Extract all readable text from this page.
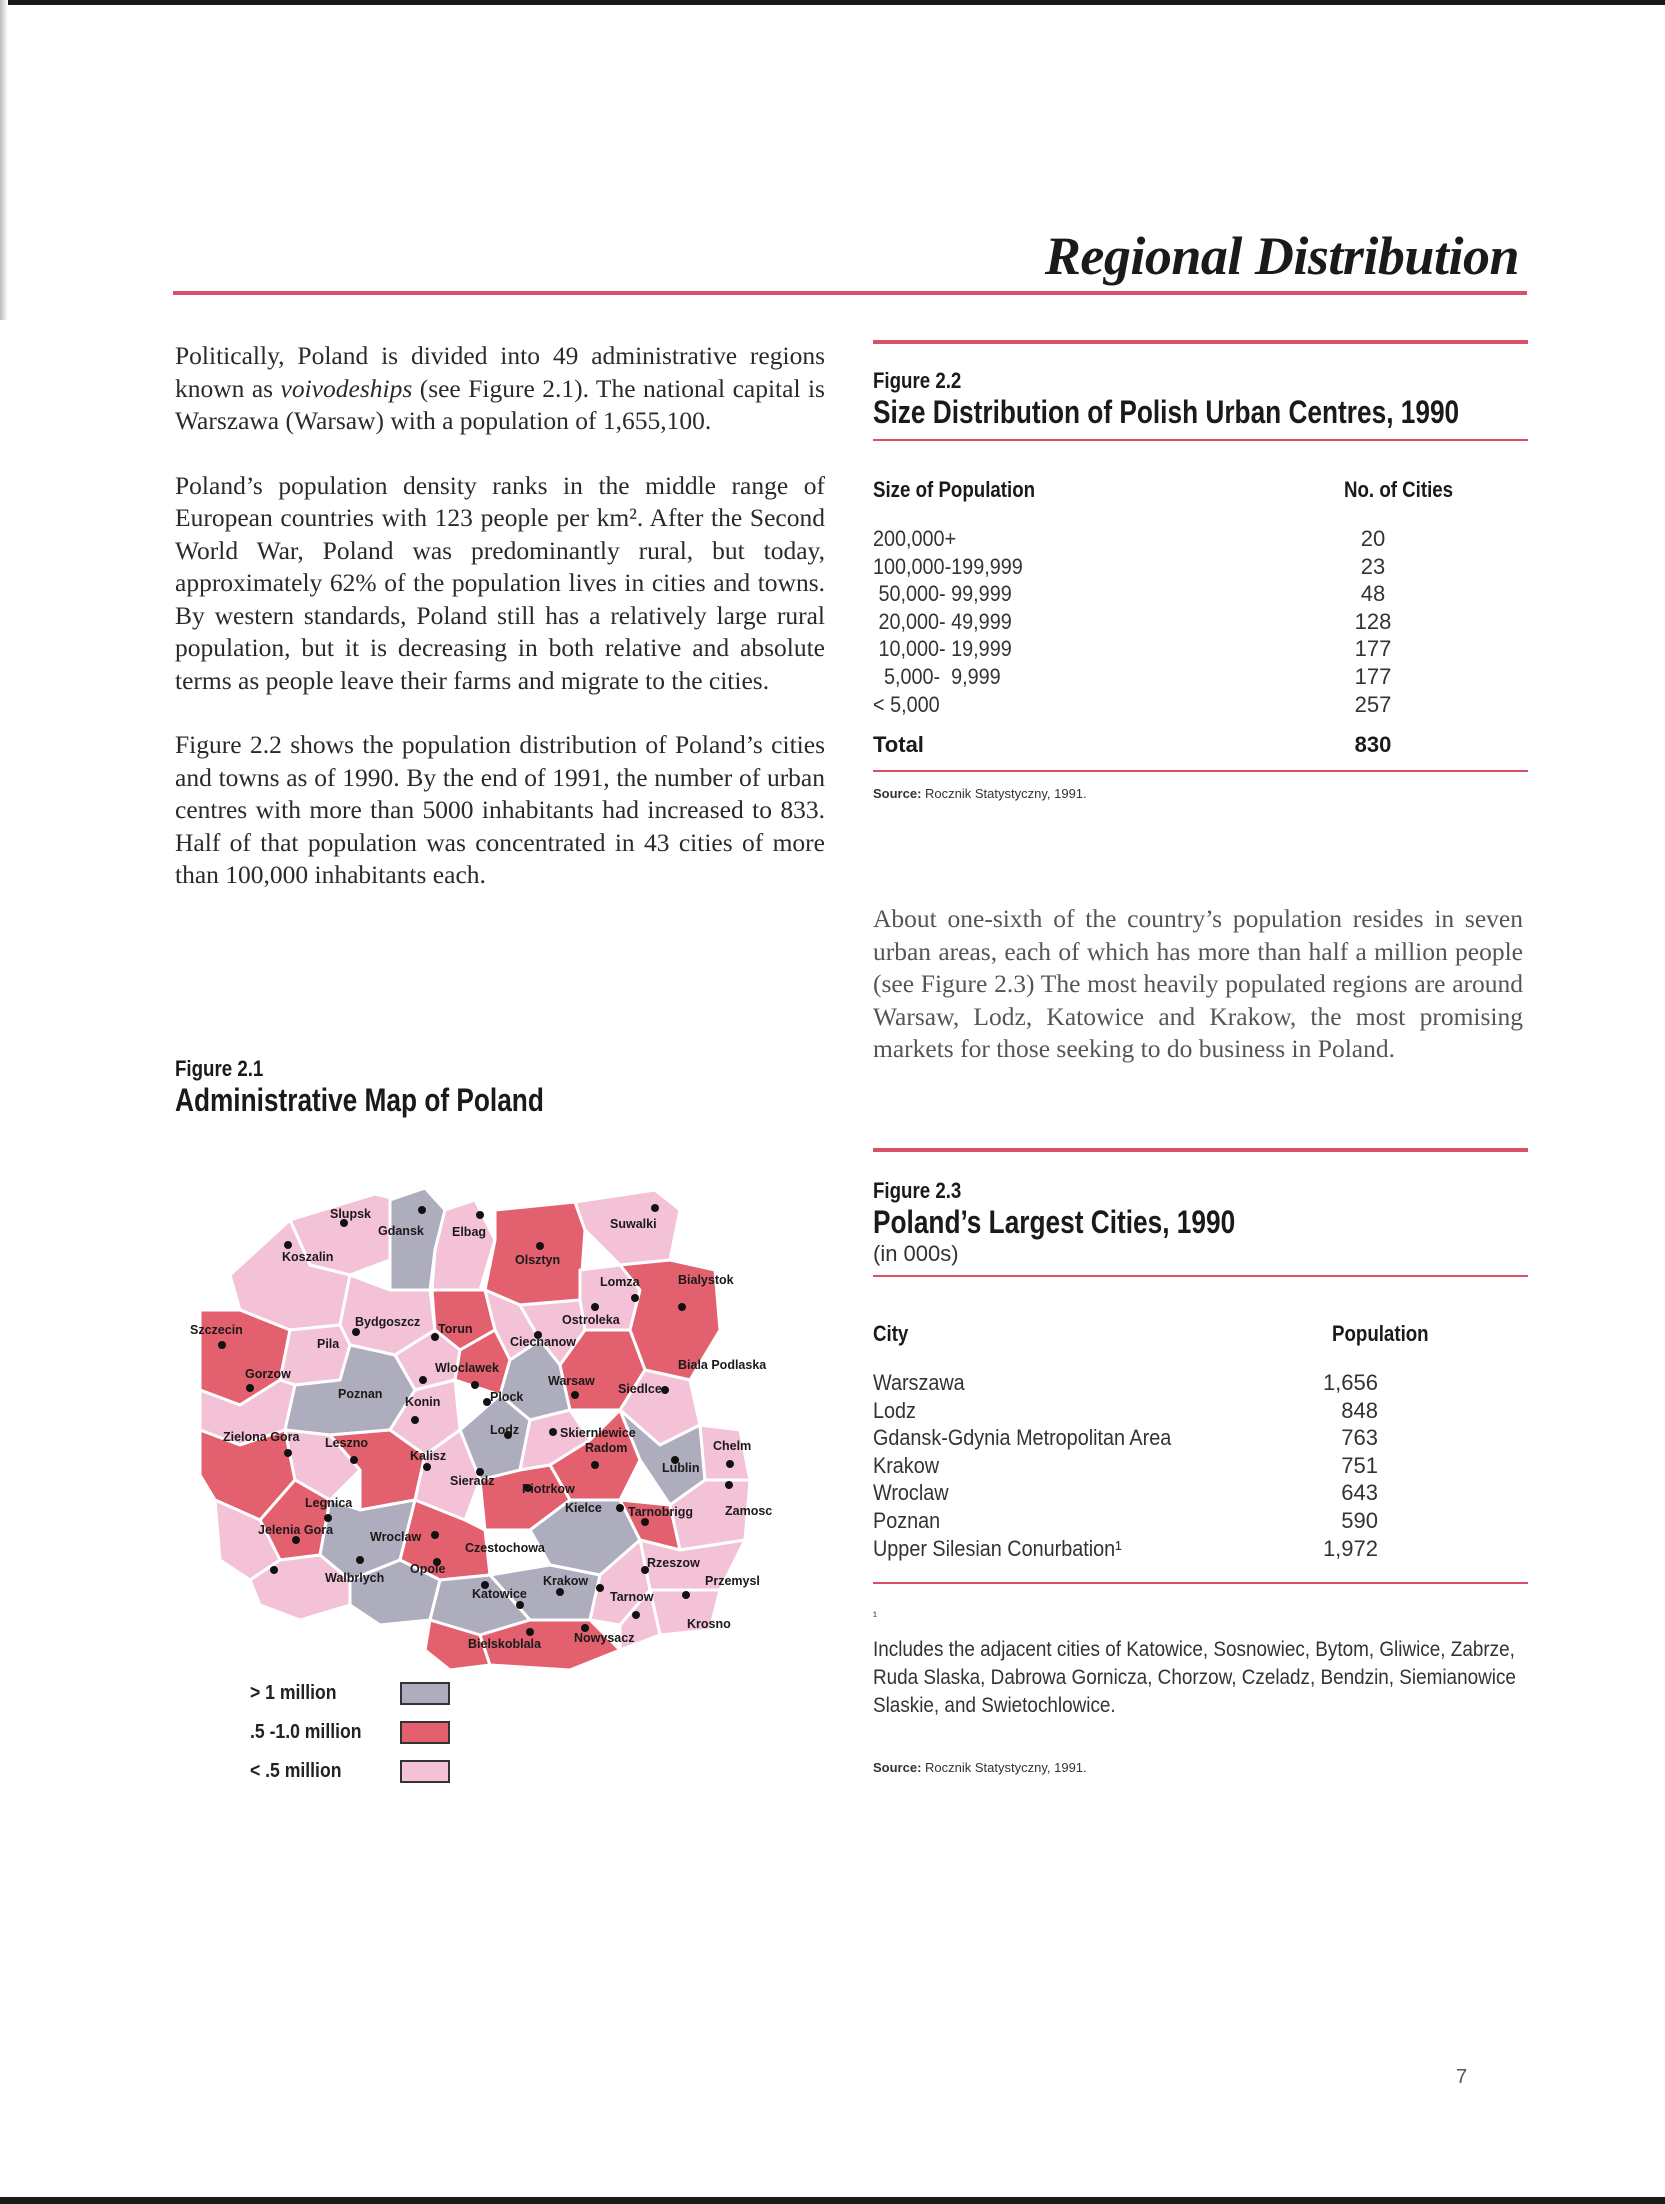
Regional Distribution

Politically, Poland is divided into 49 administrative regions known as voivodeships (see Figure 2.1). The national capital is Warszawa (Warsaw) with a population of 1,655,100.

Poland’s population density ranks in the middle range of European countries with 123 people per km². After the Second World War, Poland was predominantly rural, but today, approximately 62% of the population lives in cities and towns. By western standards, Poland still has a relatively large rural population, but it is decreasing in both relative and absolute terms as people leave their farms and migrate to the cities.

Figure 2.2 shows the population distribution of Poland’s cities and towns as of 1990. By the end of 1991, the number of urban centres with more than 5000 inhabitants had increased to 833. Half of that population was concentrated in 43 cities of more than 100,000 inhabitants each.

Figure 2.1
Administrative Map of Poland
Slupsk
Gdansk Elbag
Suwalki
Koszalin	Olsztyn
Lomza	Bialystok
Szczecin
Bydgoszcz Torun
Ostroleka
Pila	Ciechanow
Gorzow	Wloclawek	Biala Podlaska
Poznan
Konin	Plock
Warsaw
Siedlce
Zielona Gora	Lodz	Skiernlewice
Leszno
Kalisz
Radom	Chelm
Lublin
Sieradz
Piotrkow
Legnica	Kielce	Zamosc
Tarnobrigg
Jelenia Gora	Wroclaw
Czestochowa
Opole	Rzeszow
Walbrlych	Krakow	Przemysl
Katowice	Tarnow
Krosno
Bielskoblala	Nowysacz
> 1 million
.5 -1.0 million
< .5 million
Figure 2.2
Size Distribution of Polish Urban Centres, 1990
Size of Population	No. of Cities
200,000+	20
100,000-199,999	23
50,000- 99,999	48
20,000- 49,999	128
10,000- 19,999	177
5,000-  9,999	177
< 5,000	257
Total	830
Source: Rocznik Statystyczny, 1991.

About one-sixth of the country’s population resides in seven urban areas, each of which has more than half a million people (see Figure 2.3) The most heavily populated regions are around Warsaw, Lodz, Katowice and Krakow, the most promising markets for those seeking to do business in Poland.

Figure 2.3
Poland’s Largest Cities, 1990
(in 000s)
City	Population
Warszawa	1,656
Lodz	848
Gdansk-Gdynia Metropolitan Area	763
Krakow	751
Wroclaw	643
Poznan	590
Upper Silesian Conurbation¹	1,972
$^{^1}$ Includes the adjacent cities of Katowice, Sosnowiec, Bytom, Gliwice, Zabrze, Ruda Slaska, Dabrowa Gornicza, Chorzow, Czeladz, Bendzin, Siemianowice Slaskie, and Swietochlowice.
Source: Rocznik Statystyczny, 1991.
7
